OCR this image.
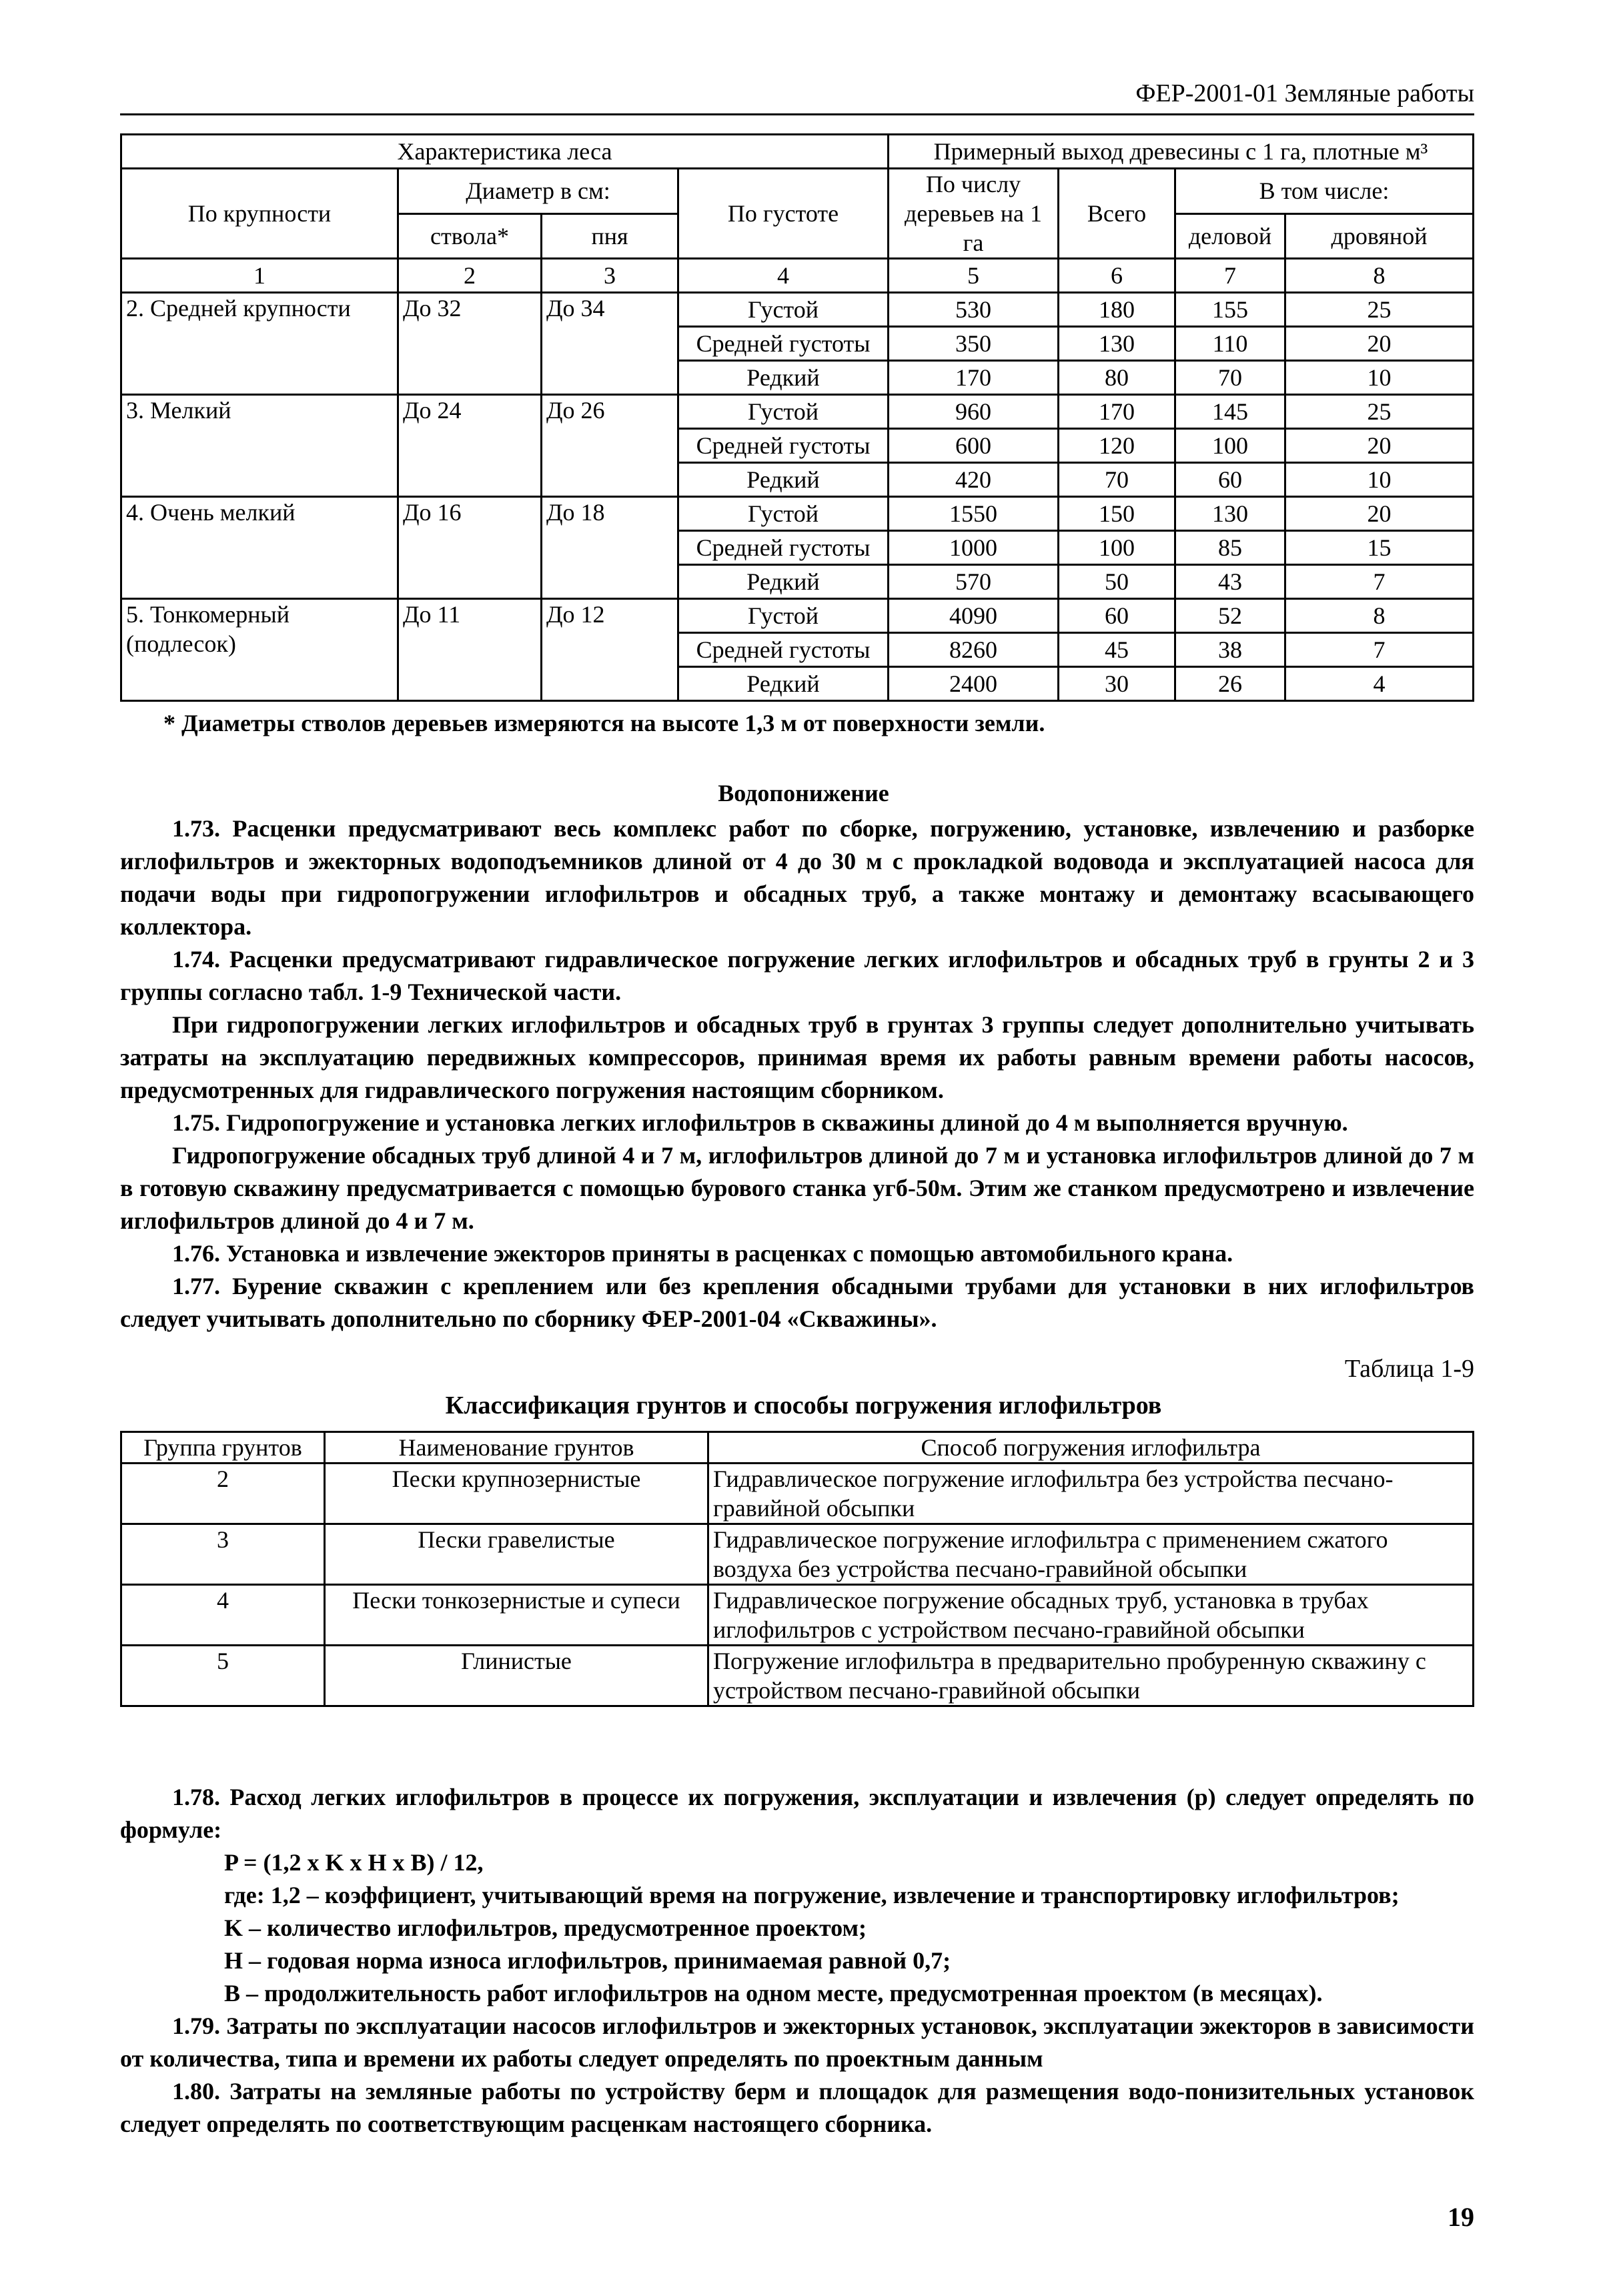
ФЕР-2001-01 Земляные работы
Характеристика леса				Примерный выход древесины с 1 га, плотные м³			
По крупности	Диаметр в см:		По густоте	По числу деревьев на 1 га	Всего	В том числе:	
	ствола*	пня				деловой	дровяной
1	2	3	4	5	6	7	8
2. Средней крупности	До 32	До 34	Густой	530	180	155	25
			Средней густоты	350	130	110	20
			Редкий	170	80	70	10
3. Мелкий	До 24	До 26	Густой	960	170	145	25
			Средней густоты	600	120	100	20
			Редкий	420	70	60	10
4. Очень мелкий	До 16	До 18	Густой	1550	150	130	20
			Средней густоты	1000	100	85	15
			Редкий	570	50	43	7
5. Тонкомерный (подлесок)	До 11	До 12	Густой	4090	60	52	8
			Средней густоты	8260	45	38	7
			Редкий	2400	30	26	4
* Диаметры стволов деревьев измеряются на высоте 1,3 м от поверхности земли.
Водопонижение

1.73. Расценки предусматривают весь комплекс работ по сборке, погружению, установке, извлечению и разборке иглофильтров и эжекторных водоподъемников длиной от 4 до 30 м с прокладкой водовода и эксплуатацией насоса для подачи воды при гидропогружении иглофильтров и обсадных труб, а также монтажу и демонтажу всасывающего коллектора.

1.74. Расценки предусматривают гидравлическое погружение легких иглофильтров и обсадных труб в грунты 2 и 3 группы согласно табл. 1-9 Технической части.

При гидропогружении легких иглофильтров и обсадных труб в грунтах 3 группы следует дополнительно учитывать затраты на эксплуатацию передвижных компрессоров, принимая время их работы равным времени работы насосов, предусмотренных для гидравлического погружения настоящим сборником.

1.75. Гидропогружение и установка легких иглофильтров в скважины длиной до 4 м выполняется вручную.

Гидропогружение обсадных труб длиной 4 и 7 м, иглофильтров длиной до 7 м и установка иглофильтров длиной до 7 м в готовую скважину предусматривается с помощью бурового станка угб-50м. Этим же станком предусмотрено и извлечение иглофильтров длиной до 4 и 7 м.

1.76. Установка и извлечение эжекторов приняты в расценках с помощью автомобильного крана.

1.77. Бурение скважин с креплением или без крепления обсадными трубами для установки в них иглофильтров следует учитывать дополнительно по сборнику ФЕР-2001-04 «Скважины».

Таблица 1-9
Классификация грунтов и способы погружения иглофильтров
Группа грунтов	Наименование грунтов	Способ погружения иглофильтра
2	Пески крупнозернистые	Гидравлическое погружение иглофильтра без устройства песчано-гравийной обсыпки
3	Пески гравелистые	Гидравлическое погружение иглофильтра с применением сжатого воздуха без устройства песчано-гравийной обсыпки
4	Пески тонкозернистые и супеси	Гидравлическое погружение обсадных труб, установка в трубах иглофильтров с устройством песчано-гравийной обсыпки
5	Глинистые	Погружение иглофильтра в предварительно пробуренную скважину с устройством песчано-гравийной обсыпки

1.78. Расход легких иглофильтров в процессе их погружения, эксплуатации и извлечения (р) следует определять по формуле:

P = (1,2 x K x H x B) / 12,

где: 1,2 – коэффициент, учитывающий время на погружение, извлечение и транспортировку иглофильтров;

K – количество иглофильтров, предусмотренное проектом;

H – годовая норма износа иглофильтров, принимаемая равной 0,7;

B – продолжительность работ иглофильтров на одном месте, предусмотренная проектом (в месяцах).

1.79. Затраты по эксплуатации насосов иглофильтров и эжекторных установок, эксплуатации эжекторов в зависимости от количества, типа и времени их работы следует определять по проектным данным

1.80. Затраты на земляные работы по устройству берм и площадок для размещения водо-понизительных установок следует определять по соответствующим расценкам настоящего сборника.

19
